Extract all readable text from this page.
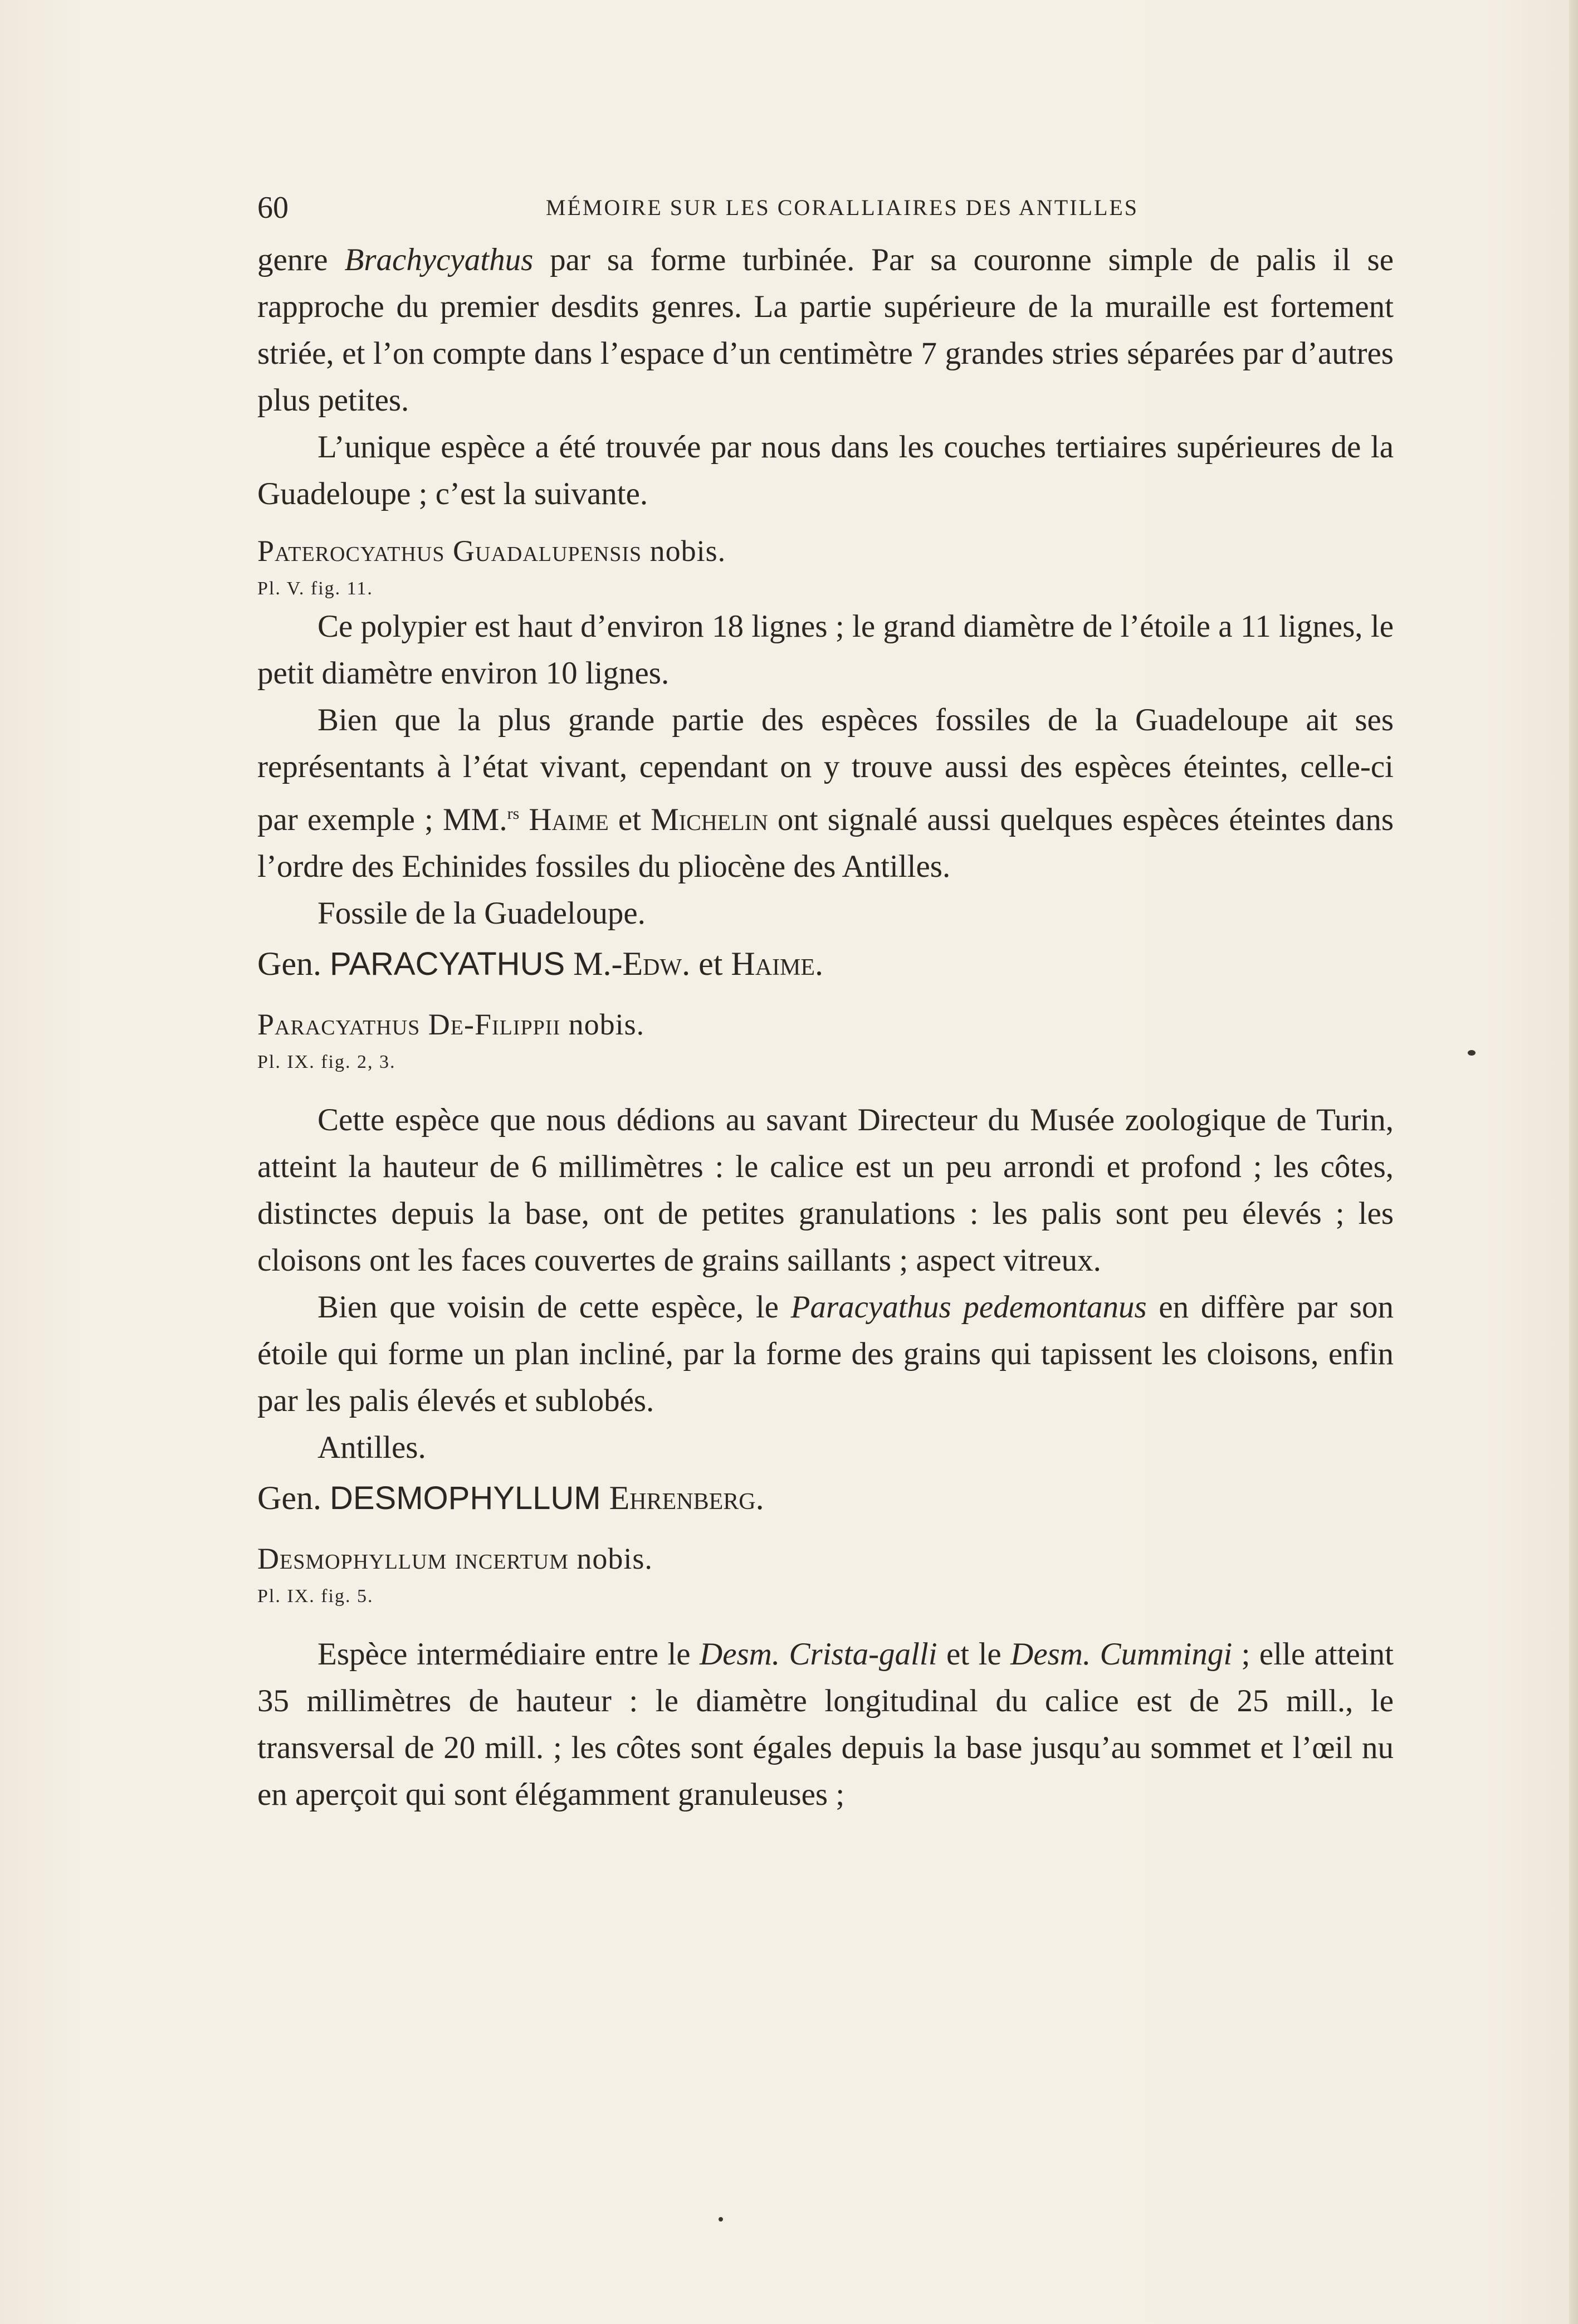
60	MÉMOIRE SUR LES CORALLIAIRES DES ANTILLES

genre Brachycyathus par sa forme turbinée. Par sa couronne simple de palis il se rapproche du premier desdits genres. La partie supérieure de la muraille est fortement striée, et l’on compte dans l’espace d’un centimètre 7 grandes stries séparées par d’autres plus petites.

L’unique espèce a été trouvée par nous dans les couches tertiaires supérieures de la Guadeloupe ; c’est la suivante.

Paterocyathus Guadalupensis nobis.

Pl. V. fig. 11.

Ce polypier est haut d’environ 18 lignes ; le grand diamètre de l’étoile a 11 lignes, le petit diamètre environ 10 lignes.

Bien que la plus grande partie des espèces fossiles de la Guadeloupe ait ses représentants à l’état vivant, cependant on y trouve aussi des espèces éteintes, celle-ci par exemple ; MM.$^{rs}$ Haime et Michelin ont signalé aussi quelques espèces éteintes dans l’ordre des Echinides fossiles du pliocène des Antilles.

Fossile de la Guadeloupe.

Gen. PARACYATHUS M.-Edw. et Haime.

Paracyathus De-Filippii nobis.

Pl. IX. fig. 2, 3.

Cette espèce que nous dédions au savant Directeur du Musée zoologique de Turin, atteint la hauteur de 6 millimètres : le calice est un peu arrondi et profond ; les côtes, distinctes depuis la base, ont de petites granulations : les palis sont peu élevés ; les cloisons ont les faces couvertes de grains saillants ; aspect vitreux.

Bien que voisin de cette espèce, le Paracyathus pedemontanus en diffère par son étoile qui forme un plan incliné, par la forme des grains qui tapissent les cloisons, enfin par les palis élevés et sublobés.

Antilles.

Gen. DESMOPHYLLUM Ehrenberg.

Desmophyllum incertum nobis.

Pl. IX. fig. 5.

Espèce intermédiaire entre le Desm. Crista-galli et le Desm. Cummingi ; elle atteint 35 millimètres de hauteur : le diamètre longitudinal du calice est de 25 mill., le transversal de 20 mill. ; les côtes sont égales depuis la base jusqu’au sommet et l’œil nu en aperçoit qui sont élégamment granuleuses ;
